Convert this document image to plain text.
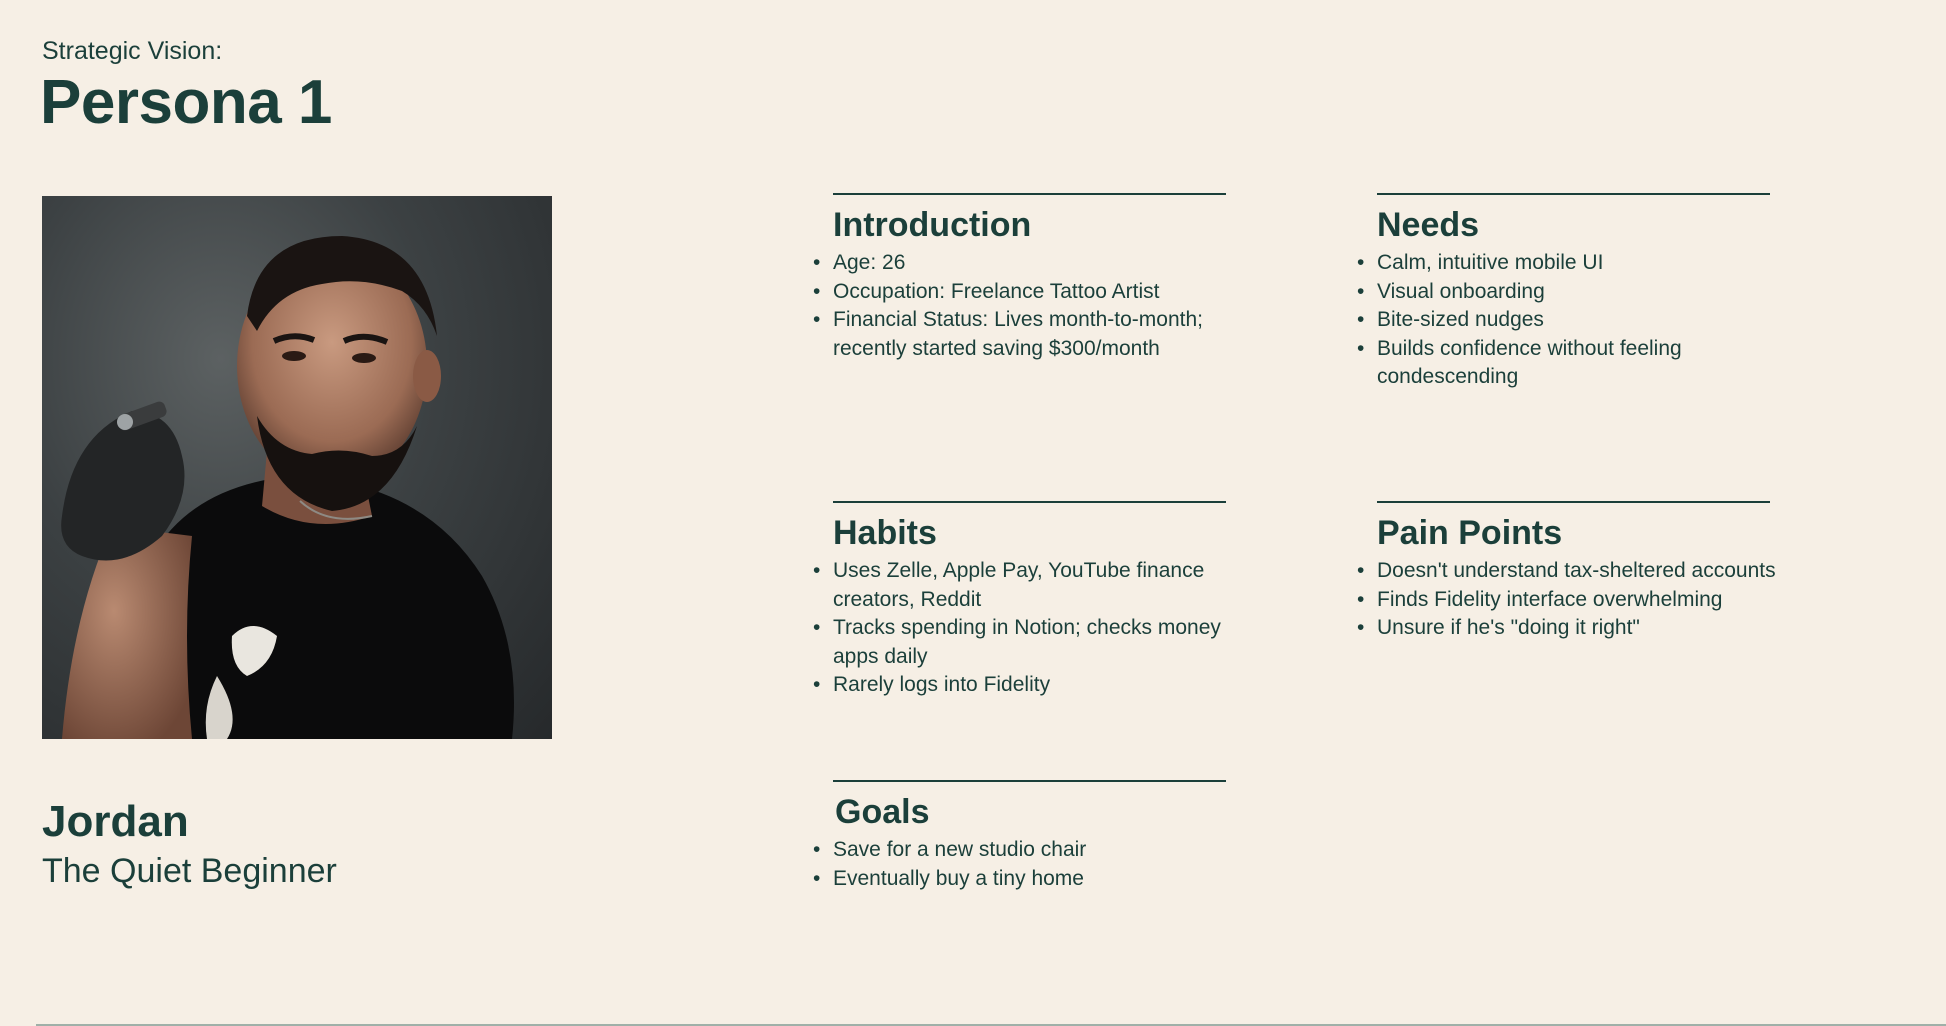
Strategic Vision:
Persona 1
Jordan
The Quiet Beginner
Introduction
• Age: 26
• Occupation: Freelance Tattoo Artist
• Financial Status: Lives month-to-month; recently started saving $300/month
Needs
• Calm, intuitive mobile UI
• Visual onboarding
• Bite-sized nudges
• Builds confidence without feeling condescending
Habits
• Uses Zelle, Apple Pay, YouTube finance creators, Reddit
• Tracks spending in Notion; checks money apps daily
• Rarely logs into Fidelity
Pain Points
• Doesn't understand tax-sheltered accounts
• Finds Fidelity interface overwhelming
• Unsure if he's "doing it right"
Goals
• Save for a new studio chair
• Eventually buy a tiny home
